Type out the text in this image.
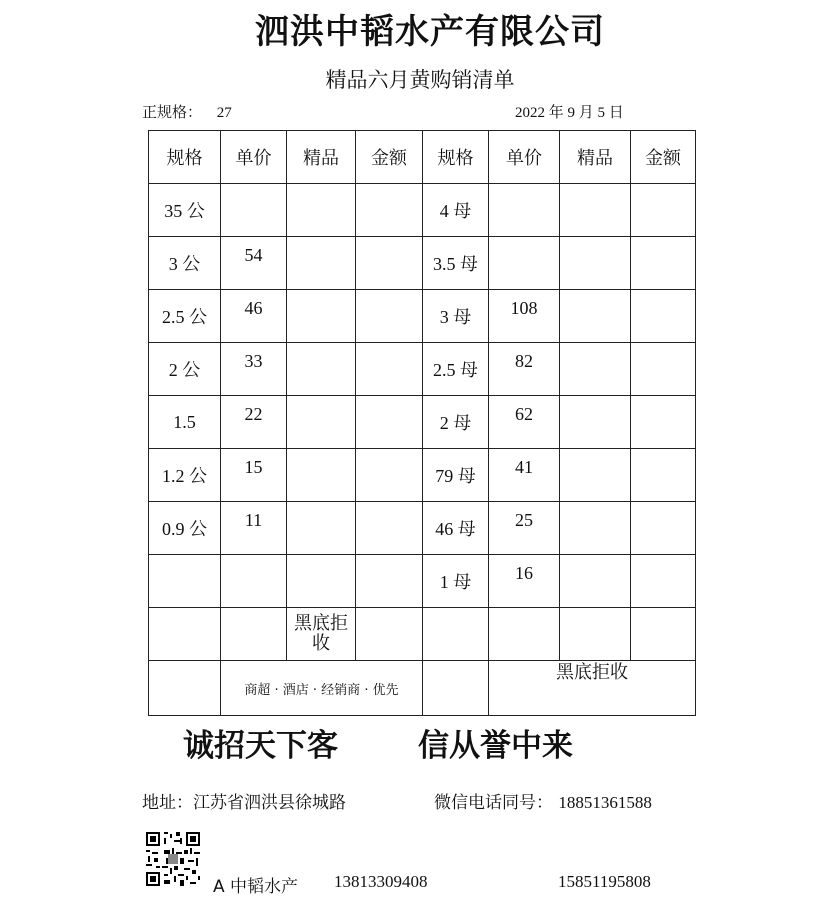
泗洪中韬水产有限公司
精品六月黄购销清单
正规格： 27	2022 年 9 月 5 日
规格	单价	精品	金额	规格	单价	精品	金额
35 公				4 母			
3 公	54			3.5 母			
2.5 公	46			3 母	108		
2 公	33			2.5 母	82		
1.5	22			2 母	62		
1.2 公	15			79 母	41		
0.9 公	11			46 母	25		
				1 母	16		

		黑底拒
收					

	商超 · 酒店 · 经销商 · 优先				黑底拒收		
诚招天下客	信从誉中来
地址：江苏省泗洪县徐城路	微信电话同号： 18851361588
A 中韬水产 13813309408	15851195808
